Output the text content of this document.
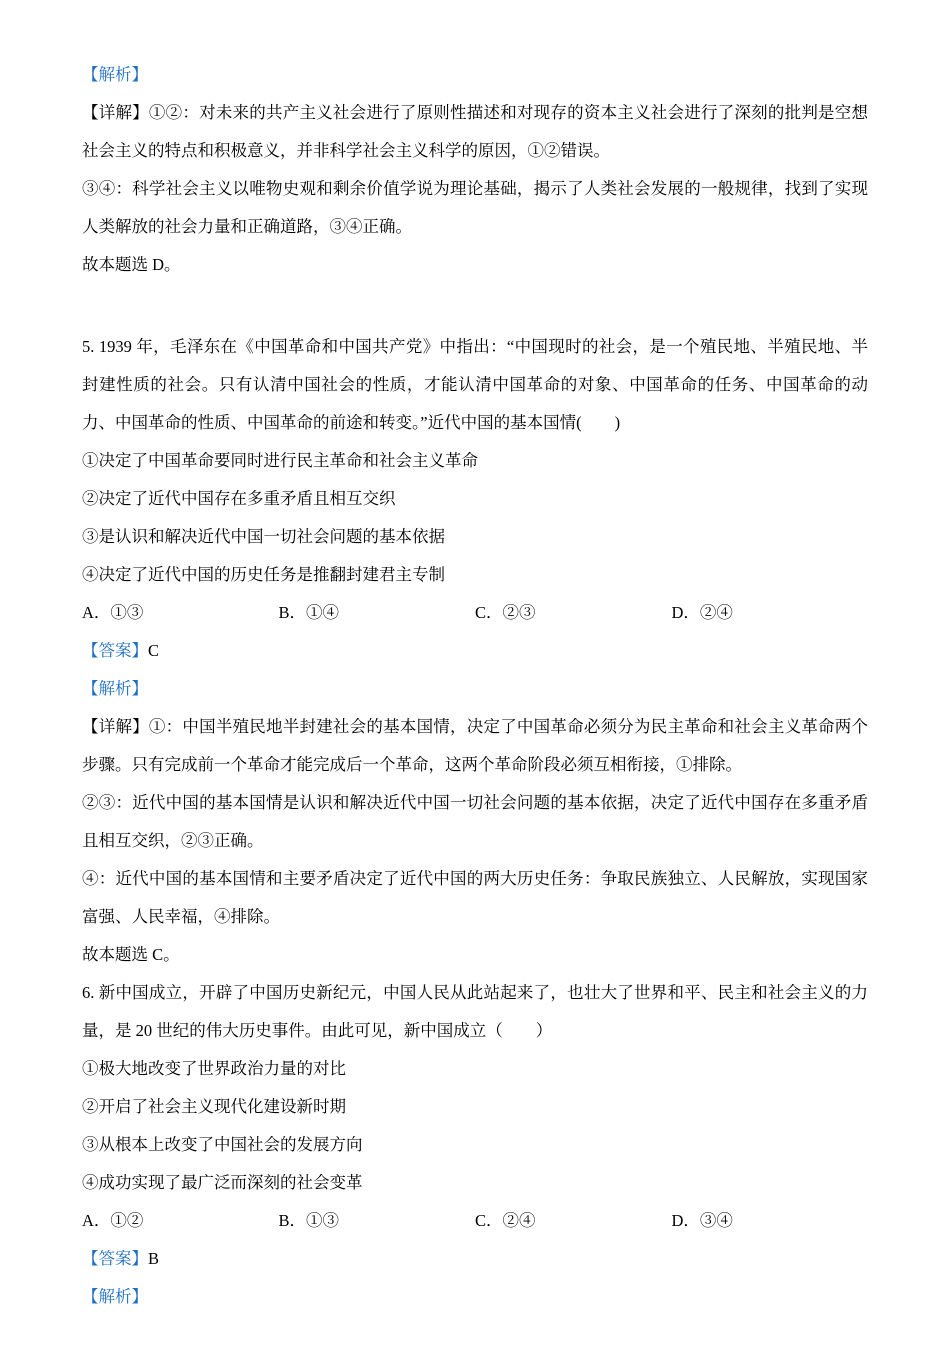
【解析】

【详解】①②：对未来的共产主义社会进行了原则性描述和对现存的资本主义社会进行了深刻的批判是空想社会主义的特点和积极意义，并非科学社会主义科学的原因，①②错误。

③④：科学社会主义以唯物史观和剩余价值学说为理论基础，揭示了人类社会发展的一般规律，找到了实现人类解放的社会力量和正确道路，③④正确。

故本题选 D。

5. 1939 年，毛泽东在《中国革命和中国共产党》中指出：“中国现时的社会，是一个殖民地、半殖民地、半封建性质的社会。只有认清中国社会的性质，才能认清中国革命的对象、中国革命的任务、中国革命的动力、中国革命的性质、中国革命的前途和转变。”近代中国的基本国情(　　)

①决定了中国革命要同时进行民主革命和社会主义革命

②决定了近代中国存在多重矛盾且相互交织

③是认识和解决近代中国一切社会问题的基本依据

④决定了近代中国的历史任务是推翻封建君主专制

A．①③	B．①④	C．②③	D．②④
【答案】C
【解析】

【详解】①：中国半殖民地半封建社会的基本国情，决定了中国革命必须分为民主革命和社会主义革命两个步骤。只有完成前一个革命才能完成后一个革命，这两个革命阶段必须互相衔接，①排除。

②③：近代中国的基本国情是认识和解决近代中国一切社会问题的基本依据，决定了近代中国存在多重矛盾且相互交织，②③正确。

④：近代中国的基本国情和主要矛盾决定了近代中国的两大历史任务：争取民族独立、人民解放，实现国家富强、人民幸福，④排除。

故本题选 C。

6. 新中国成立，开辟了中国历史新纪元，中国人民从此站起来了，也壮大了世界和平、民主和社会主义的力量，是 20 世纪的伟大历史事件。由此可见，新中国成立（　　）

①极大地改变了世界政治力量的对比

②开启了社会主义现代化建设新时期

③从根本上改变了中国社会的发展方向

④成功实现了最广泛而深刻的社会变革

A．①②	B．①③	C．②④	D．③④
【答案】B
【解析】
